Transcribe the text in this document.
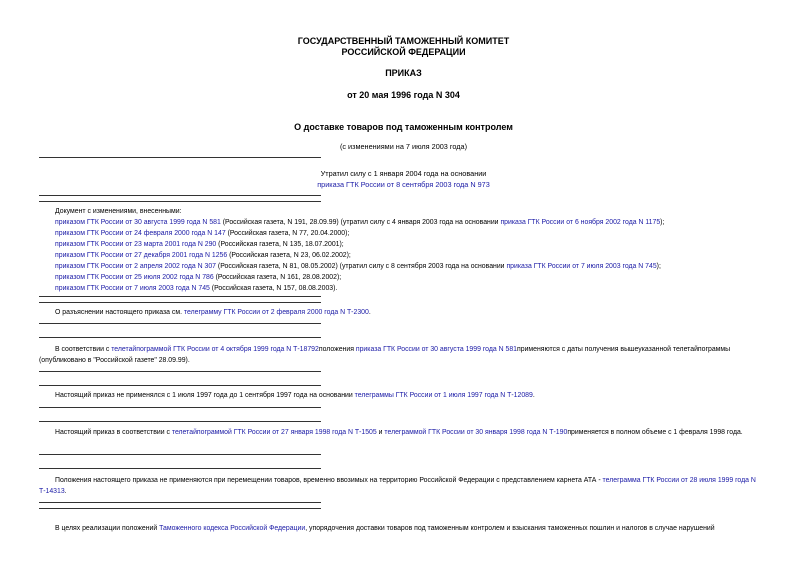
ГОСУДАРСТВЕННЫЙ ТАМОЖЕННЫЙ КОМИТЕТ
РОССИЙСКОЙ ФЕДЕРАЦИИ
ПРИКАЗ
от 20 мая 1996 года N 304
О доставке товаров под таможенным контролем
(с изменениями на 7 июля 2003 года)
Утратил силу с 1 января 2004 года на основании
приказа ГТК России от 8 сентября 2003 года N 973
Документ с изменениями, внесенными:
приказом ГТК России от 30 августа 1999 года N 581 (Российская газета, N 191, 28.09.99) (утратил силу с 4 января 2003 года на основании приказа ГТК России от 6 ноября 2002 года N 1175);
приказом ГТК России от 24 февраля 2000 года N 147 (Российская газета, N 77, 20.04.2000);
приказом ГТК России от 23 марта 2001 года N 290 (Российская газета, N 135, 18.07.2001);
приказом ГТК России от 27 декабря 2001 года N 1256 (Российская газета, N 23, 06.02.2002);
приказом ГТК России от 2 апреля 2002 года N 307 (Российская газета, N 81, 08.05.2002) (утратил силу с 8 сентября 2003 года на основании приказа ГТК России от 7 июля 2003 года N 745);
приказом ГТК России от 25 июля 2002 года N 786 (Российская газета, N 161, 28.08.2002);
приказом ГТК России от 7 июля 2003 года N 745 (Российская газета, N 157, 08.08.2003).
О разъяснении настоящего приказа см. телеграмму ГТК России от 2 февраля 2000 года N Т-2300.
В соответствии с телетайпограммой ГТК России от 4 октября 1999 года N Т-18792положения приказа ГТК России от 30 августа 1999 года N 581применяются с даты получения вышеуказанной телетайпограммы (опубликовано в "Российской газете" 28.09.99).
Настоящий приказ не применялся с 1 июля 1997 года до 1 сентября 1997 года на основании телеграммы ГТК России от 1 июля 1997 года N Т-12089.
Настоящий приказ в соответствии с телетайпограммой ГТК России от 27 января 1998 года N Т-1505 и телеграммой ГТК России от 30 января 1998 года N Т-190применяется в полном объеме с 1 февраля 1998 года.
Положения настоящего приказа не применяются при перемещении товаров, временно ввозимых на территорию Российской Федерации с представлением карнета АТА - телеграмма ГТК России от 28 июля 1999 года N Т-14313.
В целях реализации положений Таможенного кодекса Российской Федерации, упорядочения доставки товаров под таможенным контролем и взыскания таможенных пошлин и налогов в случае нарушений
